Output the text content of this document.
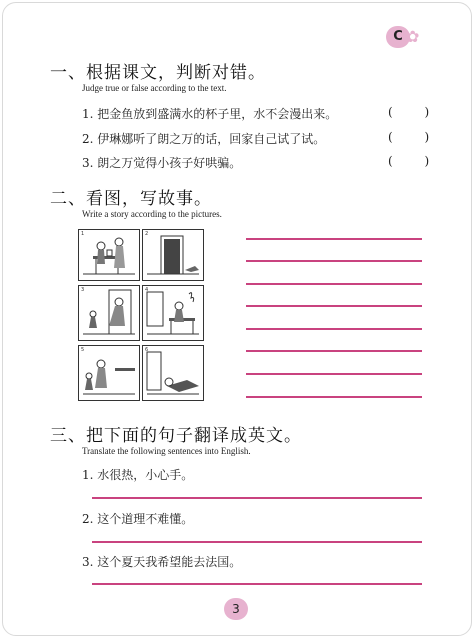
C ✿
一、根据课文，判断对错。
Judge true or false according to the text.
1. 把金鱼放到盛满水的杯子里，水不会漫出来。	( )
2. 伊琳娜听了朗之万的话，回家自己试了试。	( )
3. 朗之万觉得小孩子好哄骗。	( )
二、看图，写故事。
Write a story according to the pictures.
1	2
3	4
5	6
三、把下面的句子翻译成英文。
Translate the following sentences into English.
1. 水很热，小心手。
2. 这个道理不难懂。
3. 这个夏天我希望能去法国。
3
